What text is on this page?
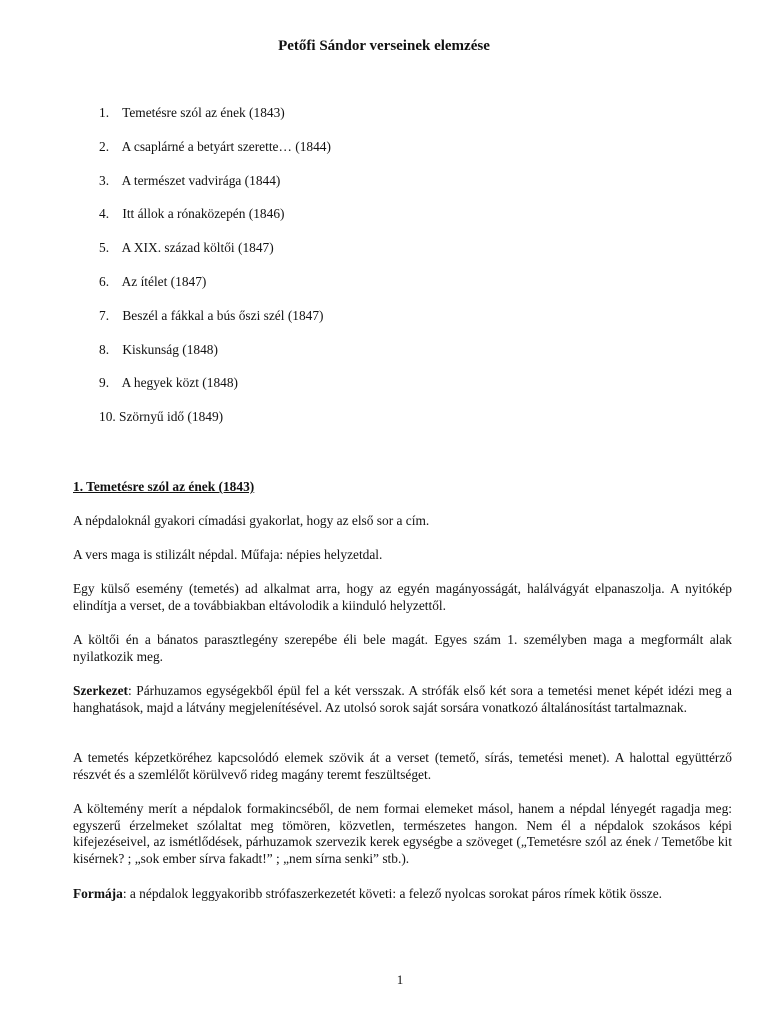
Petőfi Sándor verseinek elemzése
1. Temetésre szól az ének (1843)
2. A csaplárné a betyárt szerette… (1844)
3. A természet vadvirága (1844)
4. Itt állok a rónaközepén (1846)
5. A XIX. század költői (1847)
6. Az ítélet (1847)
7. Beszél a fákkal a bús őszi szél (1847)
8. Kiskunság (1848)
9. A hegyek közt (1848)
10. Szörnyű idő (1849)
1. Temetésre szól az ének (1843)

A népdaloknál gyakori címadási gyakorlat, hogy az első sor a cím.

A vers maga is stilizált népdal. Műfaja: népies helyzetdal.

Egy külső esemény (temetés) ad alkalmat arra, hogy az egyén magányosságát, halálvágyát elpanaszolja. A nyitókép elindítja a verset, de a továbbiakban eltávolodik a kiinduló helyzettől.

A költői én a bánatos parasztlegény szerepébe éli bele magát. Egyes szám 1. személyben maga a megformált alak nyilatkozik meg.

Szerkezet: Párhuzamos egységekből épül fel a két versszak. A strófák első két sora a temetési menet képét idézi meg a hanghatások, majd a látvány megjelenítésével. Az utolsó sorok saját sorsára vonatkozó általánosítást tartalmaznak.

A temetés képzetköréhez kapcsolódó elemek szövik át a verset (temető, sírás, temetési menet). A halottal együttérző részvét és a szemlélőt körülvevő rideg magány teremt feszültséget.

A költemény merít a népdalok formakincséből, de nem formai elemeket másol, hanem a népdal lényegét ragadja meg: egyszerű érzelmeket szólaltat meg tömören, közvetlen, természetes hangon. Nem él a népdalok szokásos képi kifejezéseivel, az ismétlődések, párhuzamok szervezik kerek egységbe a szöveget („Temetésre szól az ének / Temetőbe kit kisérnek? ; „sok ember sírva fakadt!” ; „nem sírna senki” stb.).

Formája: a népdalok leggyakoribb strófaszerkezetét követi: a felező nyolcas sorokat páros rímek kötik össze.

1
